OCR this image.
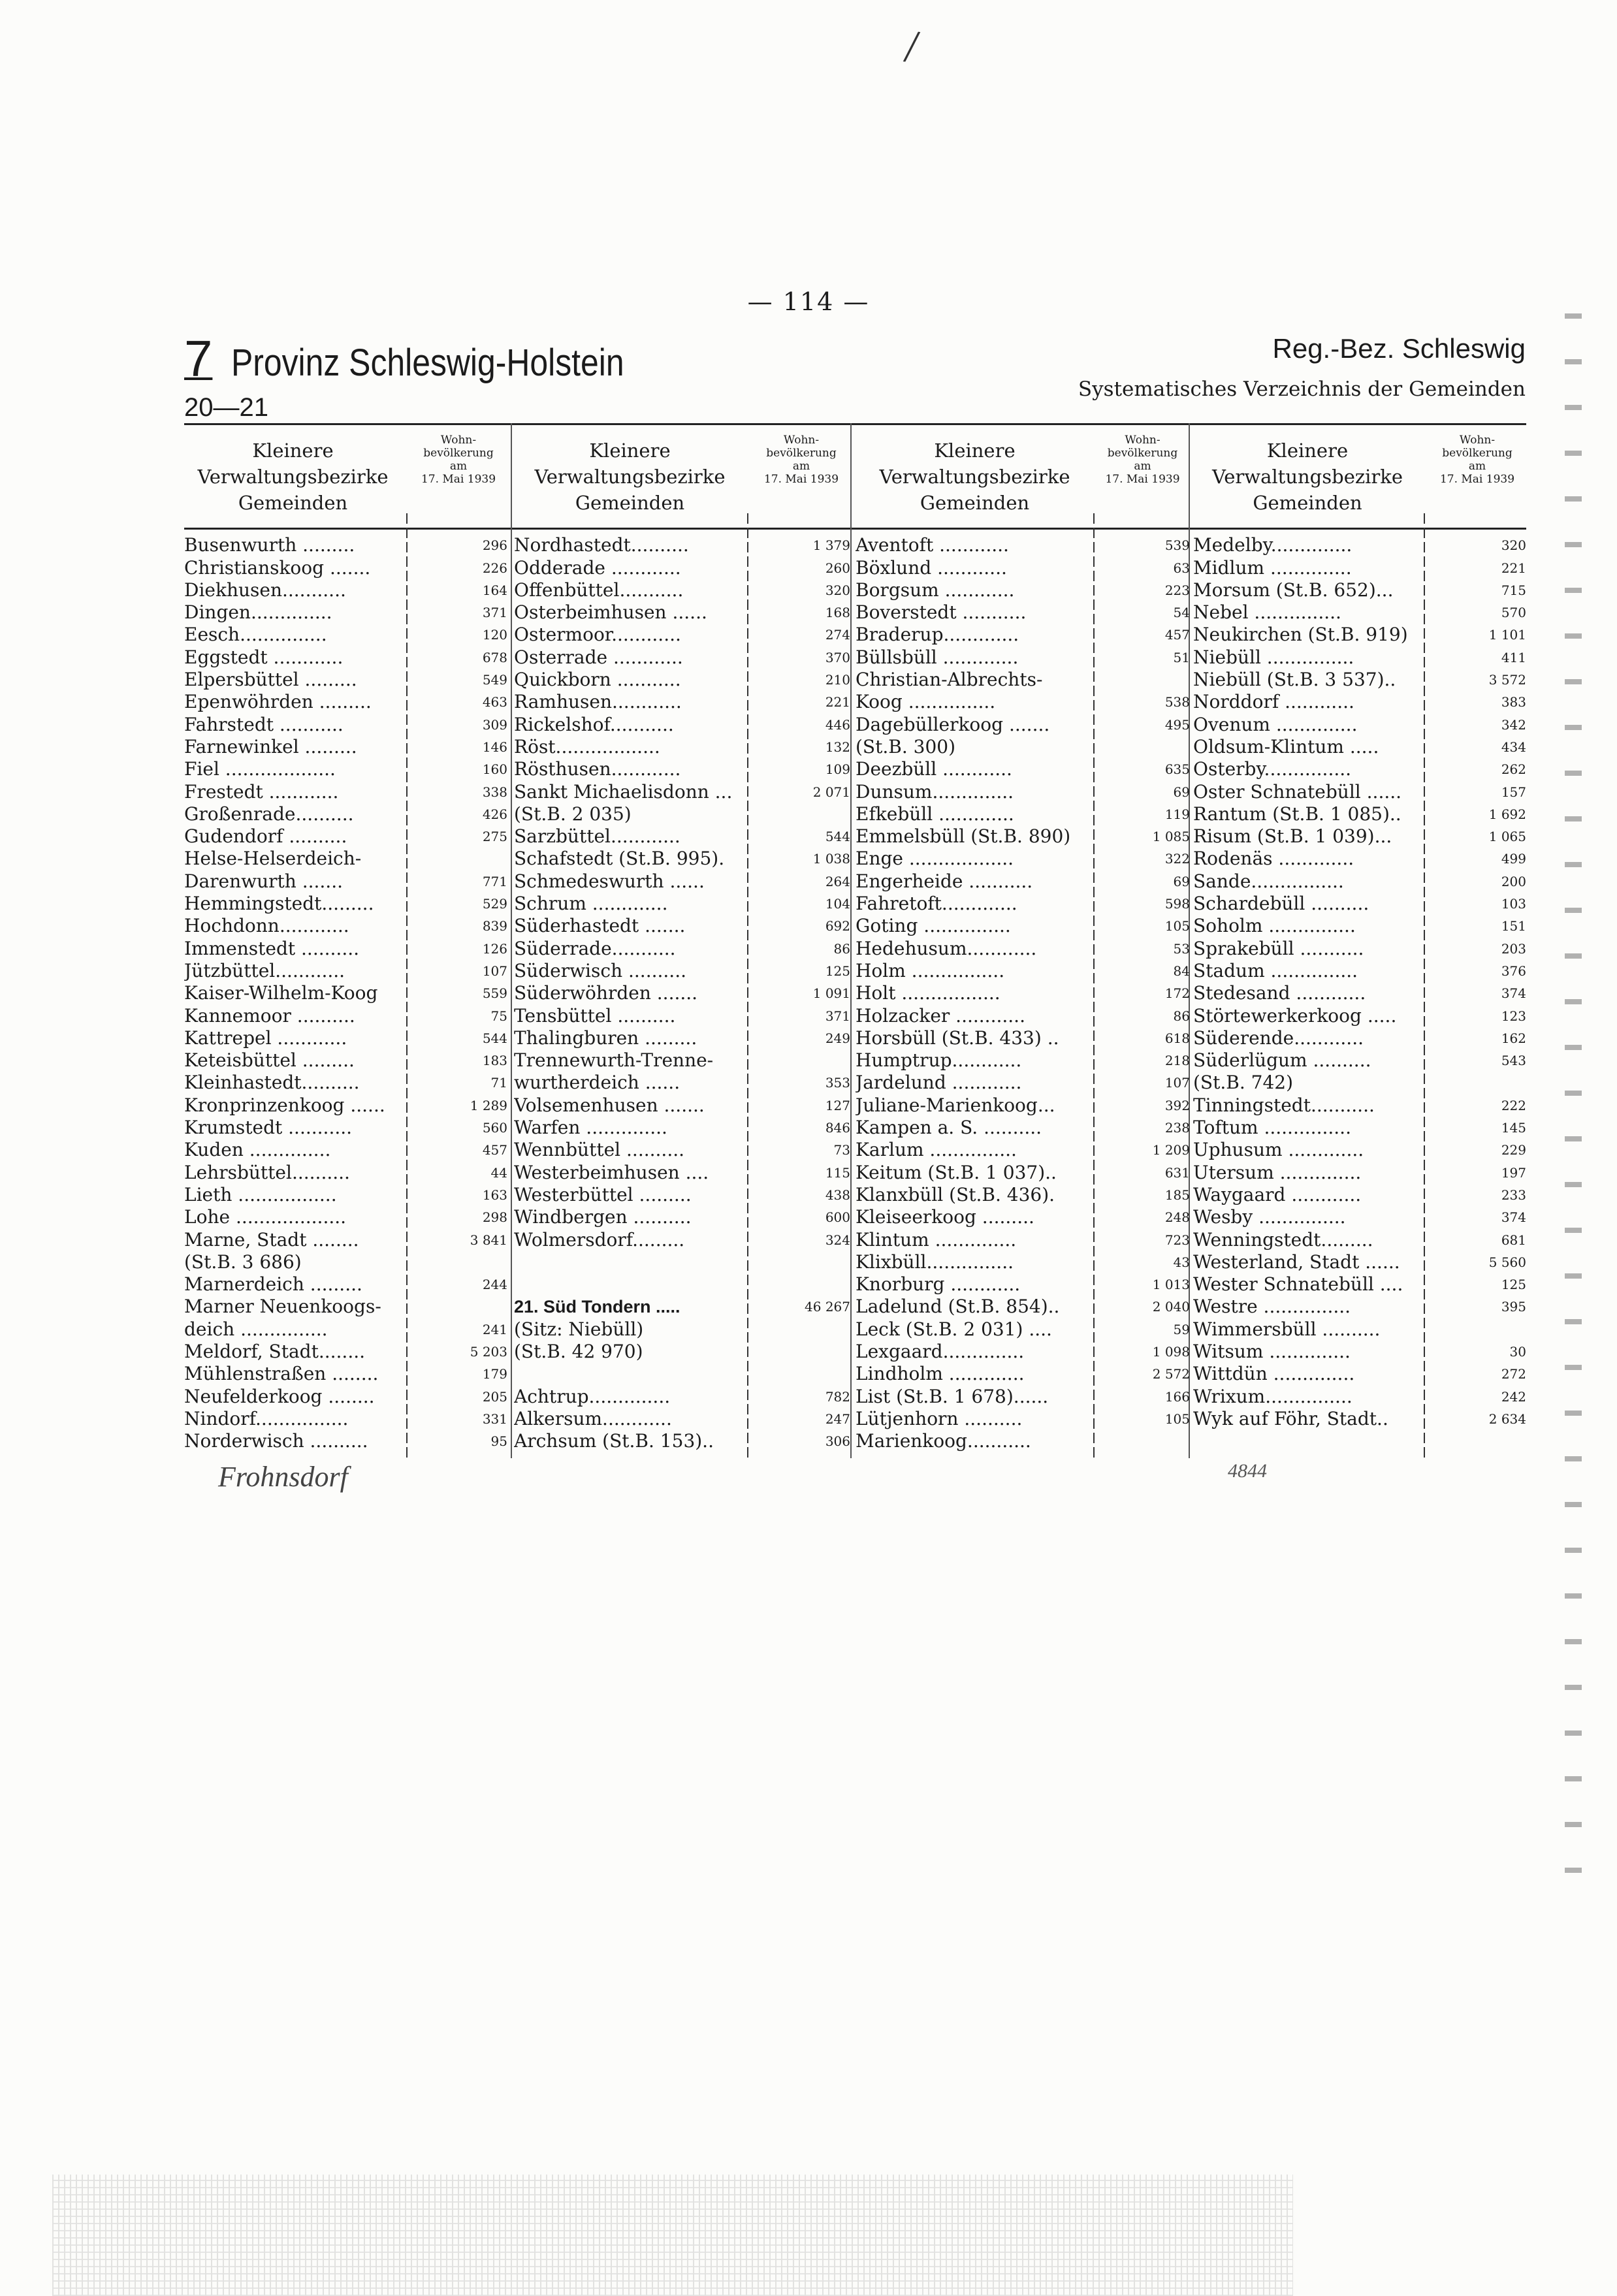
/
— 114 —
7 Provinz Schleswig-Holstein
20—21
Reg.-Bez. Schleswig
Systematisches Verzeichnis der Gemeinden
Kleinere
Verwaltungsbezirke
Gemeinden
Wohn-
bevölkerung
am
17. Mai 1939
Busenwurth .........	296
Christianskoog .......	226
Diekhusen...........	164
Dingen..............	371
Eesch...............	120
Eggstedt ............	678
Elpersbüttel .........	549
Epenwöhrden .........	463
Fahrstedt ...........	309
Farnewinkel .........	146
Fiel ...................	160
Frestedt ............	338
Großenrade..........	426
Gudendorf ..........	275
Helse-Helserdeich-
Darenwurth .......	771
Hemmingstedt.........	529
Hochdonn............	839
Immenstedt ..........	126
Jützbüttel............	107
Kaiser-Wilhelm-Koog	559
Kannemoor ..........	75
Kattrepel ............	544
Keteisbüttel .........	183
Kleinhastedt..........	71
Kronprinzenkoog ......	1 289
Krumstedt ...........	560
Kuden ..............	457
Lehrsbüttel..........	44
Lieth .................	163
Lohe ...................	298
Marne, Stadt ........	3 841
(St.B. 3 686)
Marnerdeich .........	244
Marner Neuenkoogs-
deich ...............	241
Meldorf, Stadt........	5 203
Mühlenstraßen ........	179
Neufelderkoog ........	205
Nindorf................	331
Norderwisch ..........	95
Kleinere
Verwaltungsbezirke
Gemeinden
Wohn-
bevölkerung
am
17. Mai 1939
Nordhastedt..........	1 379
Odderade ............	260
Offenbüttel...........	320
Osterbeimhusen ......	168
Ostermoor............	274
Osterrade ............	370
Quickborn ...........	210
Ramhusen............	221
Rickelshof...........	446
Röst..................	132
Rösthusen............	109
Sankt Michaelisdonn ...	2 071
(St.B. 2 035)
Sarzbüttel............	544
Schafstedt (St.B. 995).	1 038
Schmedeswurth ......	264
Schrum .............	104
Süderhastedt .......	692
Süderrade...........	86
Süderwisch ..........	125
Süderwöhrden .......	1 091
Tensbüttel ..........	371
Thalingburen .........	249
Trennewurth-Trenne-
wurtherdeich ......	353
Volsemenhusen .......	127
Warfen ..............	846
Wennbüttel ..........	73
Westerbeimhusen ....	115
Westerbüttel .........	438
Windbergen ..........	600
Wolmersdorf.........	324
21. Süd Tondern .....	46 267
(Sitz: Niebüll)
(St.B. 42 970)
Achtrup..............	782
Alkersum............	247
Archsum (St.B. 153)..	306
Kleinere
Verwaltungsbezirke
Gemeinden
Wohn-
bevölkerung
am
17. Mai 1939
Aventoft ............	539
Böxlund ............	63
Borgsum ............	223
Boverstedt ...........	54
Braderup.............	457
Büllsbüll .............	51
Christian-Albrechts-
Koog ...............	538
Dagebüllerkoog .......	495
(St.B. 300)
Deezbüll ............	635
Dunsum..............	69
Efkebüll .............	119
Emmelsbüll (St.B. 890)	1 085
Enge ..................	322
Engerheide ...........	69
Fahretoft.............	598
Goting ...............	105
Hedehusum............	53
Holm ................	84
Holt .................	172
Holzacker ............	86
Horsbüll (St.B. 433) ..	618
Humptrup............	218
Jardelund ............	107
Juliane-Marienkoog...	392
Kampen a. S. ..........	238
Karlum ...............	1 209
Keitum (St.B. 1 037)..	631
Klanxbüll (St.B. 436).	185
Kleiseerkoog .........	248
Klintum ..............	723
Klixbüll...............	43
Knorburg ............	1 013
Ladelund (St.B. 854)..	2 040
Leck (St.B. 2 031) ....	59
Lexgaard..............	1 098
Lindholm .............	2 572
List (St.B. 1 678)......	166
Lütjenhorn ..........	105
Marienkoog...........
Kleinere
Verwaltungsbezirke
Gemeinden
Wohn-
bevölkerung
am
17. Mai 1939
Medelby..............	320
Midlum ..............	221
Morsum (St.B. 652)...	715
Nebel ...............	570
Neukirchen (St.B. 919)	1 101
Niebüll ...............	411
Niebüll (St.B. 3 537)..	3 572
Norddorf ............	383
Ovenum ..............	342
Oldsum-Klintum .....	434
Osterby...............	262
Oster Schnatebüll ......	157
Rantum (St.B. 1 085)..	1 692
Risum (St.B. 1 039)...	1 065
Rodenäs .............	499
Sande................	200
Schardebüll ..........	103
Soholm ...............	151
Sprakebüll ...........	203
Stadum ...............	376
Stedesand ............	374
Störtewerkerkoog .....	123
Süderende............	162
Süderlügum ..........	543
(St.B. 742)
Tinningstedt...........	222
Toftum ...............	145
Uphusum .............	229
Utersum ..............	197
Waygaard ............	233
Wesby ...............	374
Wenningstedt.........	681
Westerland, Stadt ......	5 560
Wester Schnatebüll ....	125
Westre ...............	395
Wimmersbüll ..........
Witsum ..............	30
Wittdün ..............	272
Wrixum...............	242
Wyk auf Föhr, Stadt..	2 634
Frohnsdorf	4844
